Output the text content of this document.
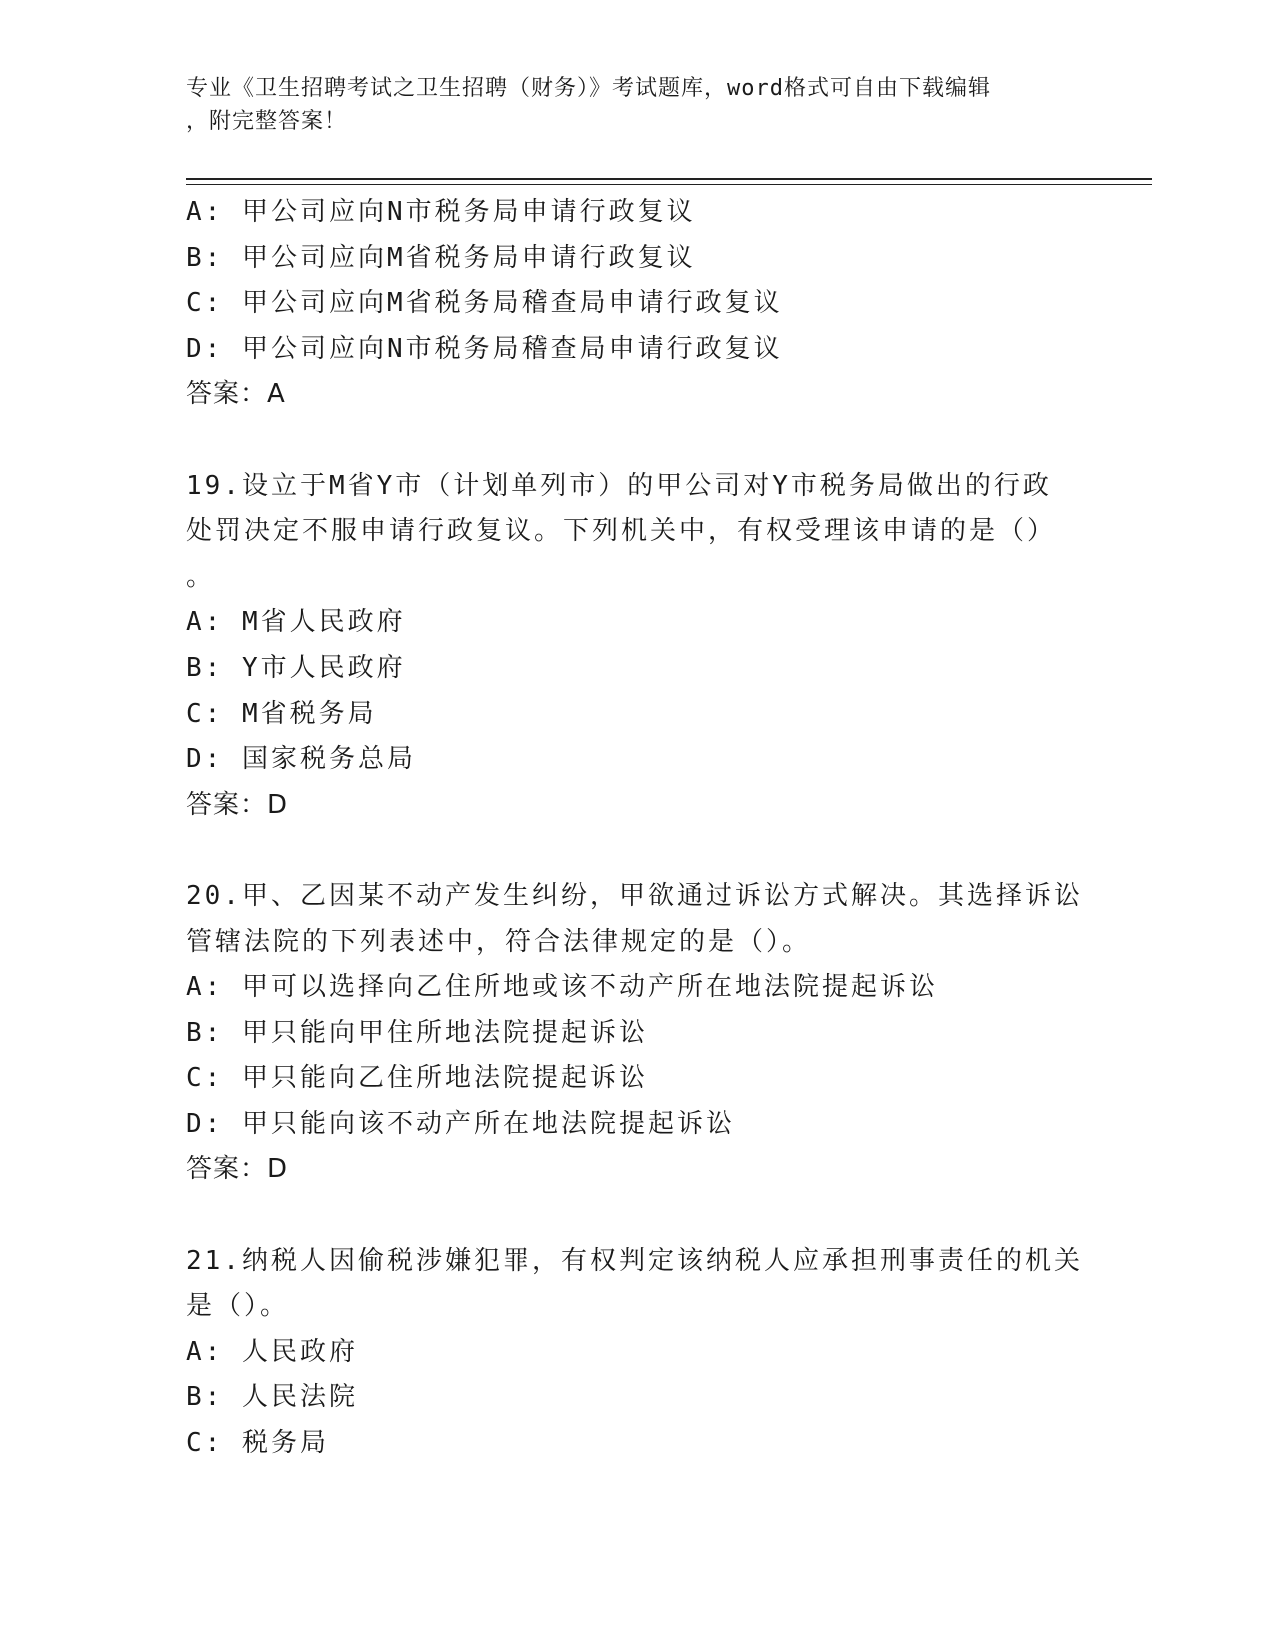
专业《卫生招聘考试之卫生招聘（财务）》考试题库，word格式可自由下载编辑
，附完整答案！
A: 甲公司应向N市税务局申请行政复议
B: 甲公司应向M省税务局申请行政复议
C: 甲公司应向M省税务局稽查局申请行政复议
D: 甲公司应向N市税务局稽查局申请行政复议
答案：A
19.设立于M省Y市（计划单列市）的甲公司对Y市税务局做出的行政
处罚决定不服申请行政复议。下列机关中，有权受理该申请的是（）
。
A: M省人民政府
B: Y市人民政府
C: M省税务局
D: 国家税务总局
答案：D
20.甲、乙因某不动产发生纠纷，甲欲通过诉讼方式解决。其选择诉讼
管辖法院的下列表述中，符合法律规定的是（）。
A: 甲可以选择向乙住所地或该不动产所在地法院提起诉讼
B: 甲只能向甲住所地法院提起诉讼
C: 甲只能向乙住所地法院提起诉讼
D: 甲只能向该不动产所在地法院提起诉讼
答案：D
21.纳税人因偷税涉嫌犯罪，有权判定该纳税人应承担刑事责任的机关
是（）。
A: 人民政府
B: 人民法院
C: 税务局
